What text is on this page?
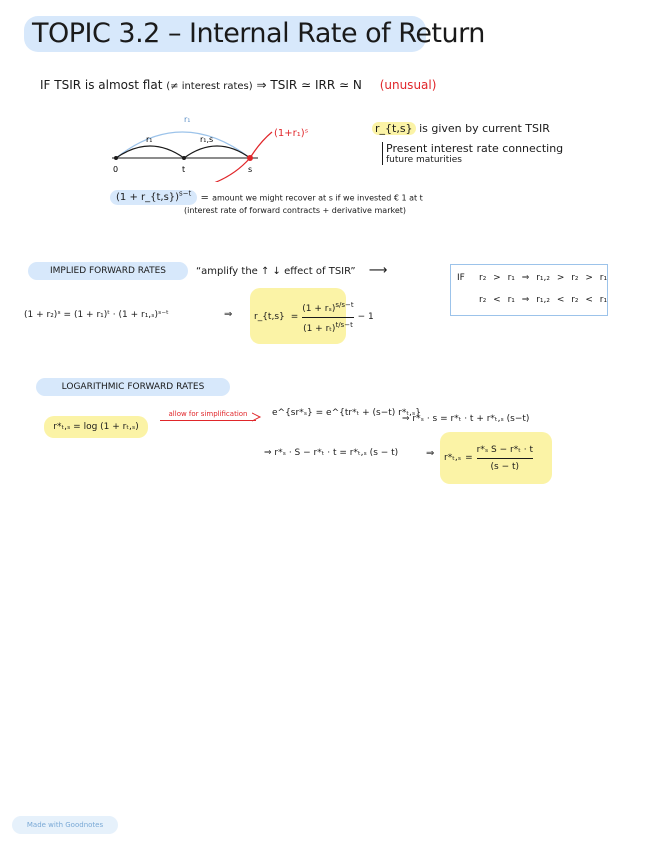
TOPIC 3.2 – Internal Rate of Return
IF TSIR is almost flat (≠ interest rates) ⇒ TSIR ≃ IRR ≃ N (unusual)
r₁
r₁	r₁,s
(1+r₁)ˢ
0	t	s
r_{t,s} is given by current TSIR
Present interest rate connecting
future maturities
(1 + r_{t,s})$^{s-t}$ = amount we might recover at s if we invested € 1 at t
(interest rate of forward contracts + derivative market)
IMPLIED FORWARD RATES	“amplify the ↑ ↓ effect of TSIR” ⟶	IF r₂ > r₁ ⇒ r₁,₂ > r₂ > r₁
r₂ < r₁ ⇒ r₁,₂ < r₂ < r₁
(1 + r₂)ˢ = (1 + r₁)ᵗ · (1 + r₁,ₛ)ˢ⁻ᵗ	⇒ r_{t,s} = $\frac{(1 + r_s)^{s/s-t}}{(1 + r_t)^{t/s-t}} - 1$
LOGARITHMIC FORWARD RATES
r*ₜ,ₛ = log (1 + rₜ,ₛ)
allow for simplification	e^{sr*ₛ} = e^{tr*ₜ + (s−t) r*ₜ,ₛ}
⇒ r*ₛ · s = r*ₜ · t + r*ₜ,ₛ (s−t)
⇒ r*ₛ · S − r*ₜ · t = r*ₜ,ₛ (s − t)	⇒ $r*_t,_s = \frac{\text{r*ₛ S − r*ₜ · t}}{(s - t)}$
Made with Goodnotes
